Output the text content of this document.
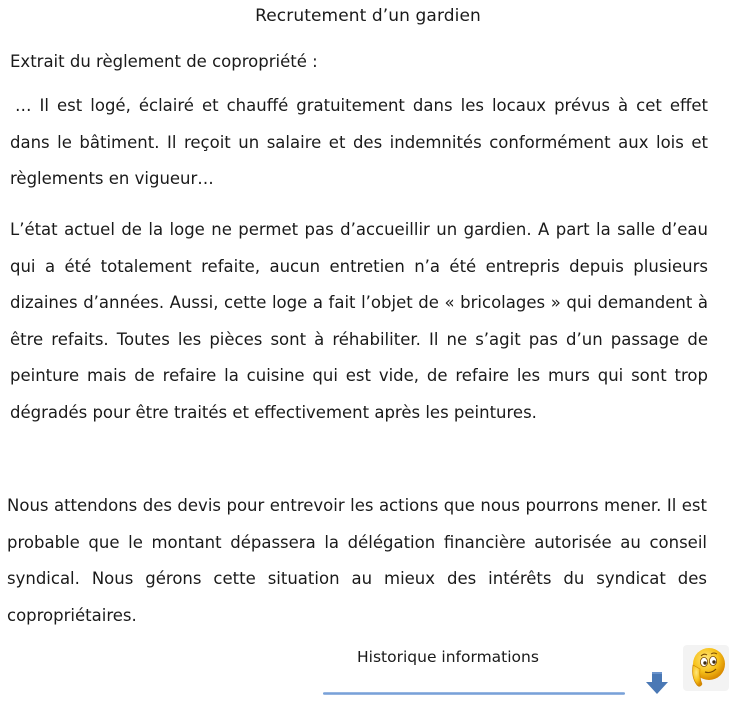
Recrutement d’un gardien

Extrait du règlement de copropriété :

… Il est logé, éclairé et chauffé gratuitement dans les locaux prévus à cet effet dans le bâtiment. Il reçoit un salaire et des indemnités conformément aux lois et règlements en vigueur…

L’état actuel de la loge ne permet pas d’accueillir un gardien. A part la salle d’eau qui a été totalement refaite, aucun entretien n’a été entrepris depuis plusieurs dizaines d’années. Aussi, cette loge a fait l’objet de « bricolages » qui demandent à être refaits. Toutes les pièces sont à réhabiliter. Il ne s’agit pas d’un passage de peinture mais de refaire la cuisine qui est vide, de refaire les murs qui sont trop dégradés pour être traités et effectivement après les peintures.

Nous attendons des devis pour entrevoir les actions que nous pourrons mener. Il est probable que le montant dépassera la délégation financière autorisée au conseil syndical. Nous gérons cette situation au mieux des intérêts du syndicat des copropriétaires.

Historique informations
